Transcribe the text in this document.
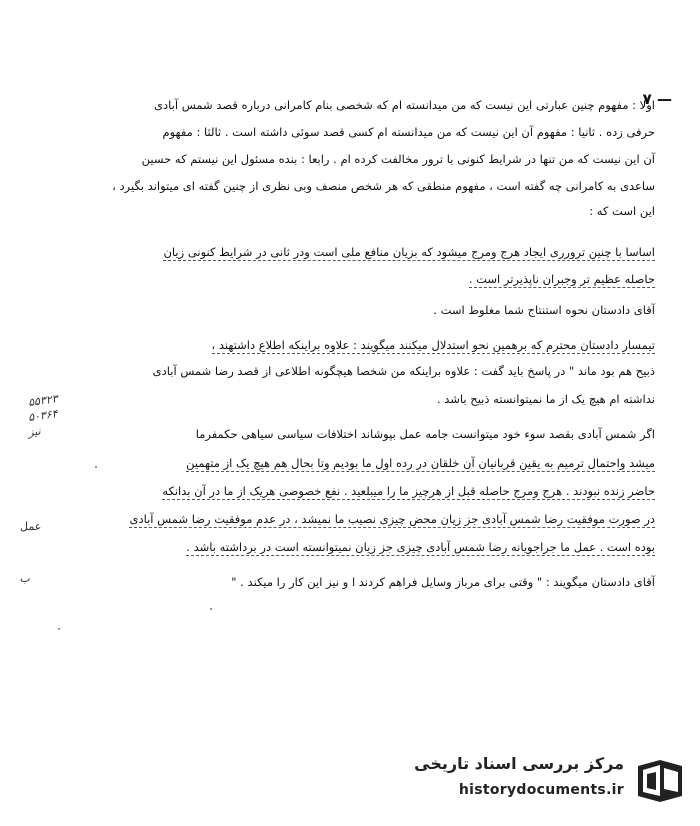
۷ —
اولا : مفهوم چنین عبارتی این نیست که من میدانسته ام که شخصی بنام کامرانی درباره قصد شمس آبادی
حرفی زده . ثانیا : مفهوم آن این نیست که من میدانسته ام کسی قصد سوئی داشته است . ثالثا : مفهوم
آن این نیست که من تنها در شرایط کنونی با ترور مخالفت کرده ام . رابعا : بنده مسئول این نیستم که حسین
ساعدی به کامرانی چه گفته است ، مفهوم منطقی که هر شخص منصف وبی نظری از چنین گفته ای میتواند بگیرد ،
این است که :
اساسا با چنین ترورری ایجاد هرج ومرج میشود که بزیان منافع ملی است ودر ثانی در شرایط کنونی زیان
حاصله عظیم تر وجبران ناپذیرتر است .
آقای دادستان نحوه استنتاج شما مغلوط است .
تیمسار دادستان محترم که برهمین نحو استدلال میکنند میگویند : علاوه براینکه اطلاع داشتهند ،
ذبیح هم بود ماند " در پاسخ باید گفت : علاوه براینکه من شخصا هیچگونه اطلاعی از قصد رضا شمس آبادی
نداشته ام هیچ یک از ما نمیتوانسته ذبیح باشد .
اگر شمس آبادی بقصد سوء خود میتوانست جامه عمل بپوشاند اختلافات سیاسی سیاهی حکمفرما
میشد واحتمال ترمیم به یقین قربانیان آن خلقان در رده اول ما بودیم وتا بحال هم هیچ یک از متهمین
حاضر زنده نبودند . هرج ومرج حاصله قبل از هرچیز ما را میبلعید . نفع خصوصی هریک از ما در آن بدانکه
در صورت موفقیت رضا شمس آبادی جز زیان محض چیزی نصیب ما نمیشد ، در عدم موفقیت رضا شمس آبادی
بوده است . عمل ما جراجویانه رضا شمس آبادی چیزی جز زیان نمیتوانسته است در برداشته باشد .
آقای دادستان میگویند : " وقتی برای مرباز وسایل فراهم کردند ا و نیز این کار را میکند . "
۵۵۳۲۳
۵۰۳۶۴
نیز
عمل
ب
مرکز بررسی اسناد تاریخی
historydocuments.ir
